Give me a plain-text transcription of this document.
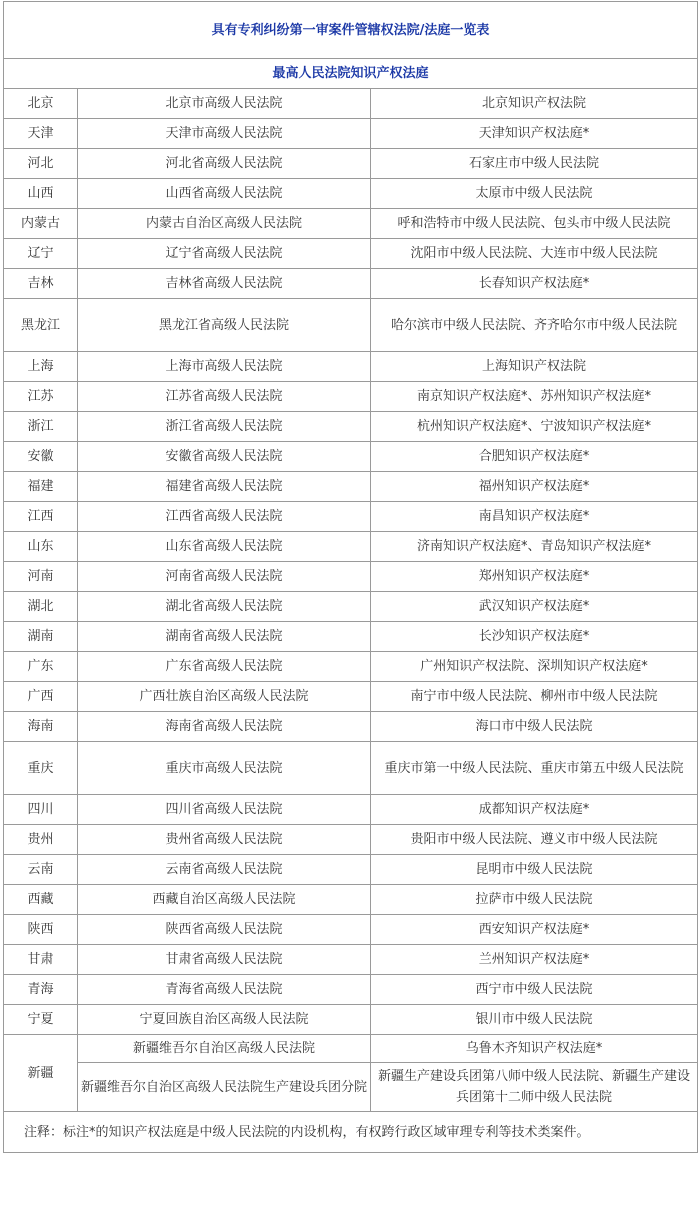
具有专利纠纷第一审案件管辖权法院/法庭一览表		
最高人民法院知识产权法庭		
北京	北京市高级人民法院	北京知识产权法院
天津	天津市高级人民法院	天津知识产权法庭*
河北	河北省高级人民法院	石家庄市中级人民法院
山西	山西省高级人民法院	太原市中级人民法院
内蒙古	内蒙古自治区高级人民法院	呼和浩特市中级人民法院、包头市中级人民法院
辽宁	辽宁省高级人民法院	沈阳市中级人民法院、大连市中级人民法院
吉林	吉林省高级人民法院	长春知识产权法庭*
黑龙江	黑龙江省高级人民法院	哈尔滨市中级人民法院、齐齐哈尔市中级人民法院
上海	上海市高级人民法院	上海知识产权法院
江苏	江苏省高级人民法院	南京知识产权法庭*、苏州知识产权法庭*
浙江	浙江省高级人民法院	杭州知识产权法庭*、宁波知识产权法庭*
安徽	安徽省高级人民法院	合肥知识产权法庭*
福建	福建省高级人民法院	福州知识产权法庭*
江西	江西省高级人民法院	南昌知识产权法庭*
山东	山东省高级人民法院	济南知识产权法庭*、青岛知识产权法庭*
河南	河南省高级人民法院	郑州知识产权法庭*
湖北	湖北省高级人民法院	武汉知识产权法庭*
湖南	湖南省高级人民法院	长沙知识产权法庭*
广东	广东省高级人民法院	广州知识产权法院、深圳知识产权法庭*
广西	广西壮族自治区高级人民法院	南宁市中级人民法院、柳州市中级人民法院
海南	海南省高级人民法院	海口市中级人民法院
重庆	重庆市高级人民法院	重庆市第一中级人民法院、重庆市第五中级人民法院
四川	四川省高级人民法院	成都知识产权法庭*
贵州	贵州省高级人民法院	贵阳市中级人民法院、遵义市中级人民法院
云南	云南省高级人民法院	昆明市中级人民法院
西藏	西藏自治区高级人民法院	拉萨市中级人民法院
陕西	陕西省高级人民法院	西安知识产权法庭*
甘肃	甘肃省高级人民法院	兰州知识产权法庭*
青海	青海省高级人民法院	西宁市中级人民法院
宁夏	宁夏回族自治区高级人民法院	银川市中级人民法院
新疆	新疆维吾尔自治区高级人民法院	乌鲁木齐知识产权法庭*
	新疆维吾尔自治区高级人民法院生产建设兵团分院	新疆生产建设兵团第八师中级人民法院、新疆生产建设兵团第十二师中级人民法院
注释：标注*的知识产权法庭是中级人民法院的内设机构，有权跨行政区域审理专利等技术类案件。		
